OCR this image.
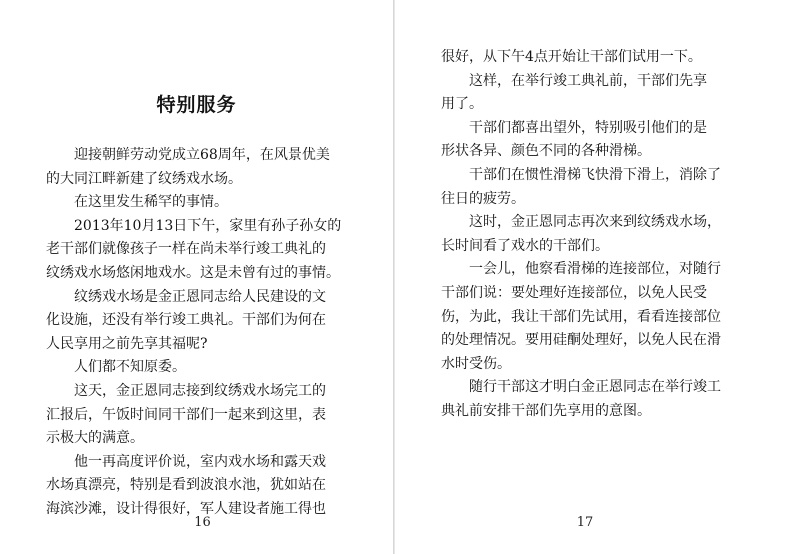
特别服务
　　迎接朝鲜劳动党成立68周年，在风景优美
的大同江畔新建了纹绣戏水场。
　　在这里发生稀罕的事情。
　　2013年10月13日下午，家里有孙子孙女的
老干部们就像孩子一样在尚未举行竣工典礼的
纹绣戏水场悠闲地戏水。这是未曾有过的事情。
　　纹绣戏水场是金正恩同志给人民建设的文
化设施，还没有举行竣工典礼。干部们为何在
人民享用之前先享其福呢?
　　人们都不知原委。
　　这天，金正恩同志接到纹绣戏水场完工的
汇报后，午饭时间同干部们一起来到这里，表
示极大的满意。
　　他一再高度评价说，室内戏水场和露天戏
水场真漂亮，特别是看到波浪水池，犹如站在
海滨沙滩，设计得很好，军人建设者施工得也
16
很好，从下午4点开始让干部们试用一下。
　　这样，在举行竣工典礼前，干部们先享
用了。
　　干部们都喜出望外，特别吸引他们的是
形状各异、颜色不同的各种滑梯。
　　干部们在惯性滑梯飞快滑下滑上，消除了
往日的疲劳。
　　这时，金正恩同志再次来到纹绣戏水场，
长时间看了戏水的干部们。
　　一会儿，他察看滑梯的连接部位，对随行
干部们说：要处理好连接部位，以免人民受
伤，为此，我让干部们先试用，看看连接部位
的处理情况。要用硅酮处理好，以免人民在滑
水时受伤。
　　随行干部这才明白金正恩同志在举行竣工
典礼前安排干部们先享用的意图。
17
